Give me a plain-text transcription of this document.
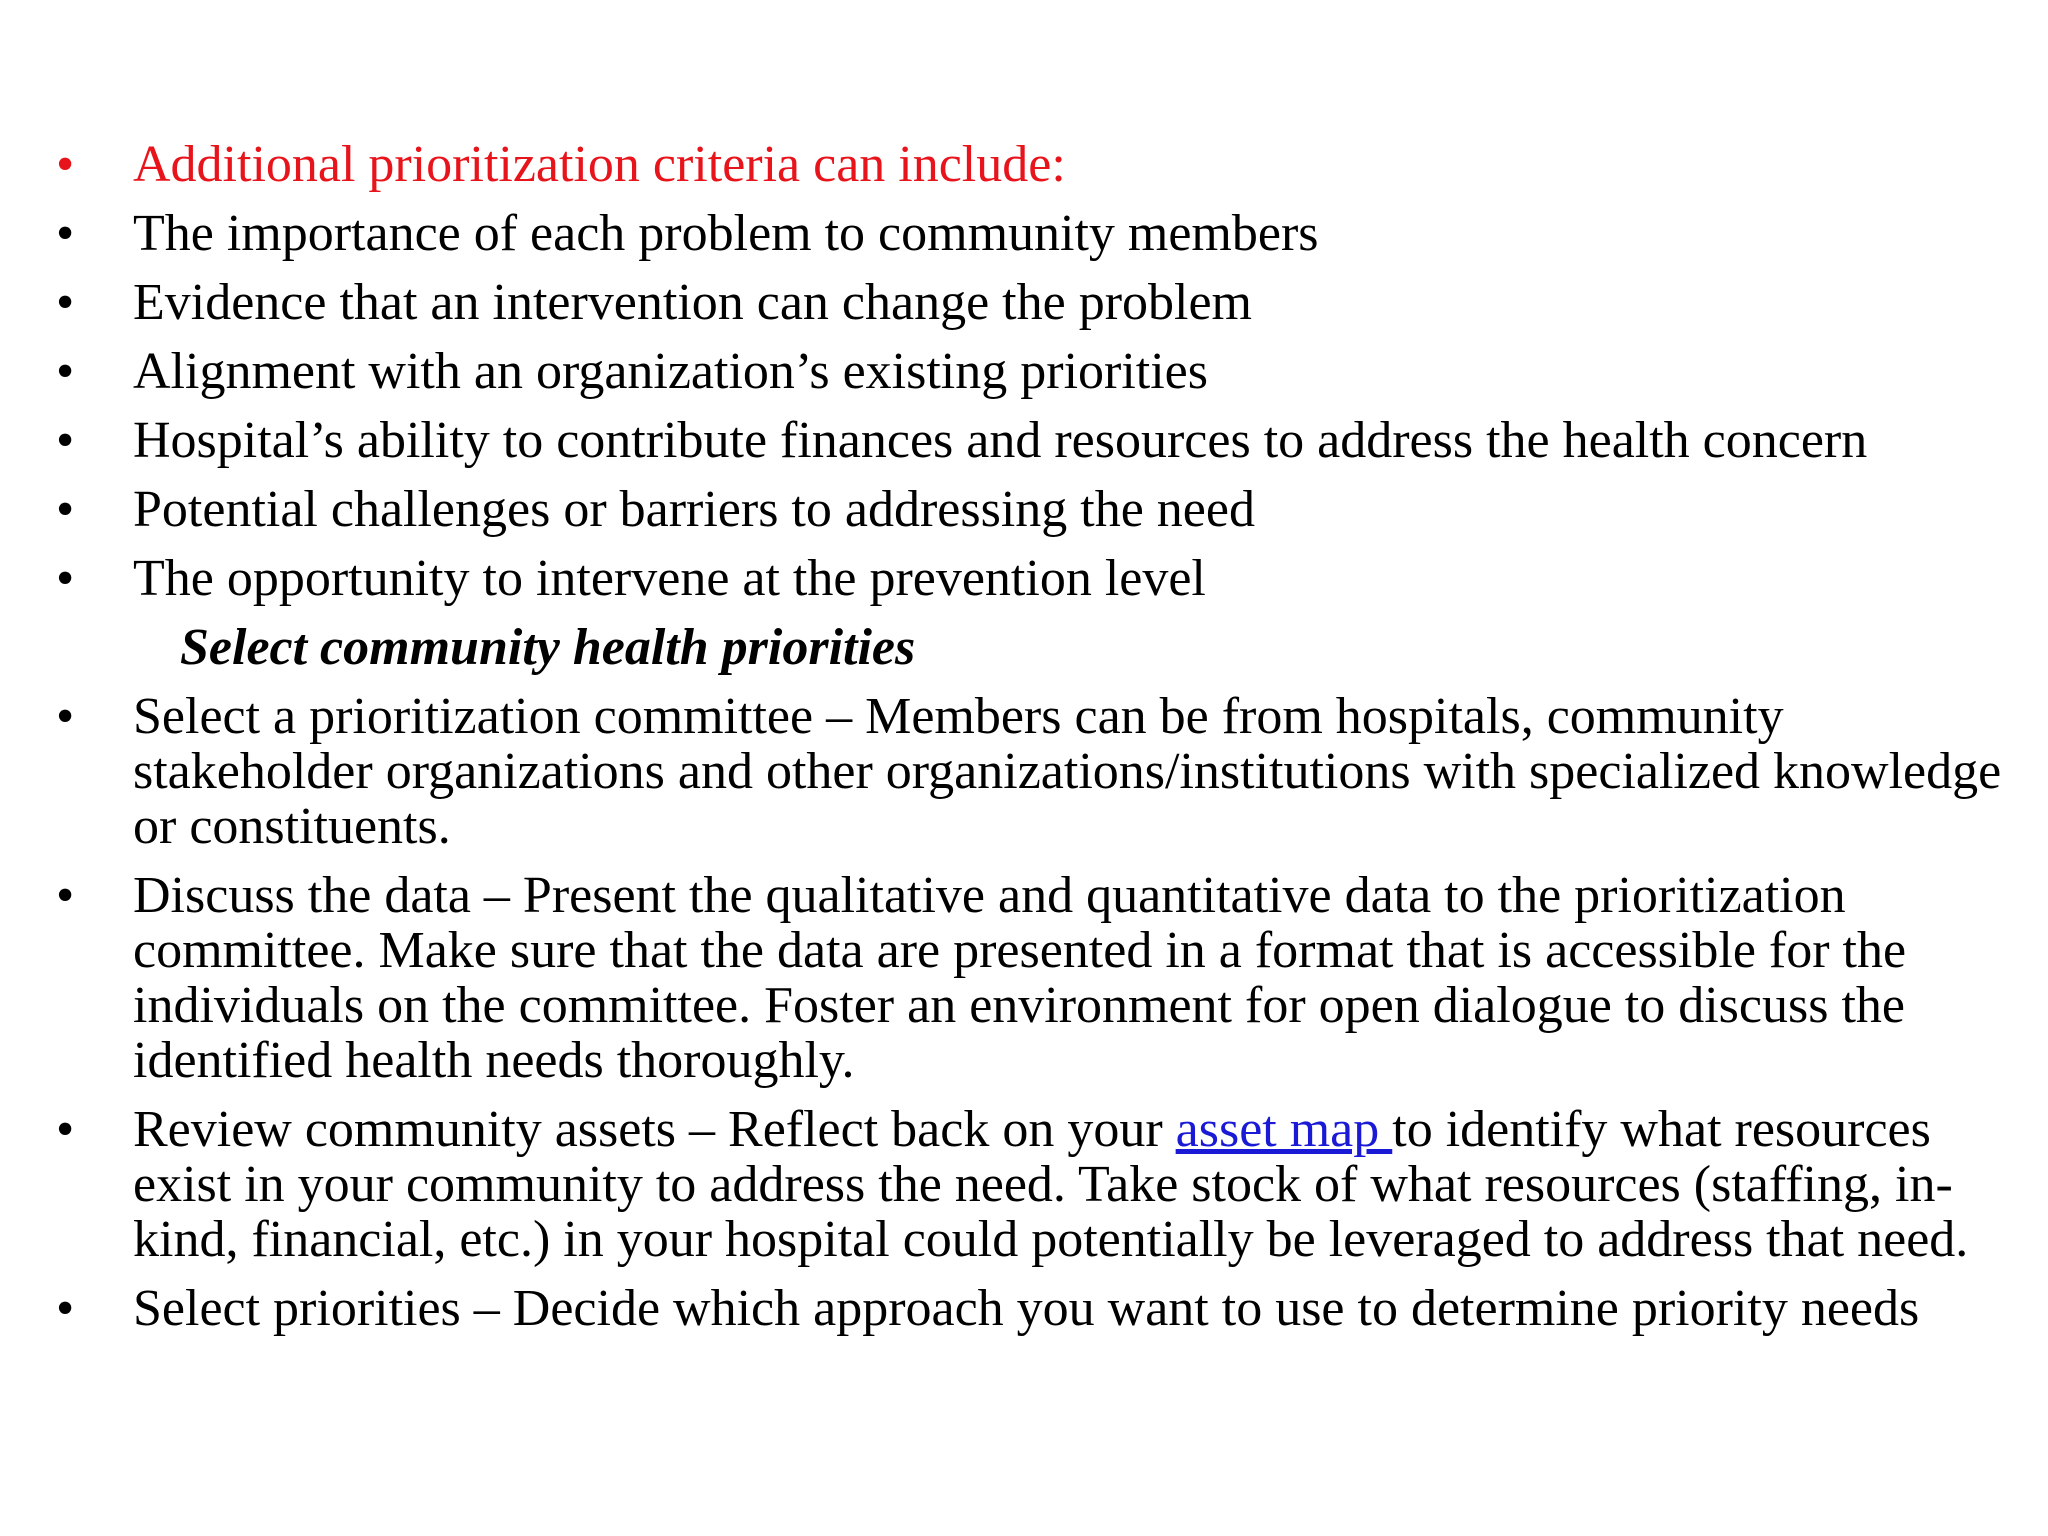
•	Additional prioritization criteria can include:
•	The importance of each problem to community members
•	Evidence that an intervention can change the problem
•	Alignment with an organization’s existing priorities
•	Hospital’s ability to contribute finances and resources to address the health concern
•	Potential challenges or barriers to addressing the need
•	The opportunity to intervene at the prevention level
Select community health priorities
•	Select a prioritization committee – Members can be from hospitals, community stakeholder organizations and other organizations/institutions with specialized knowledge or constituents.
•	Discuss the data – Present the qualitative and quantitative data to the prioritization committee. Make sure that the data are presented in a format that is accessible for the individuals on the committee. Foster an environment for open dialogue to discuss the identified health needs thoroughly.
•	Review community assets – Reflect back on your asset map to identify what resources exist in your community to address the need. Take stock of what resources (staffing, in-kind, financial, etc.) in your hospital could potentially be leveraged to address that need.
•	Select priorities – Decide which approach you want to use to determine priority needs
